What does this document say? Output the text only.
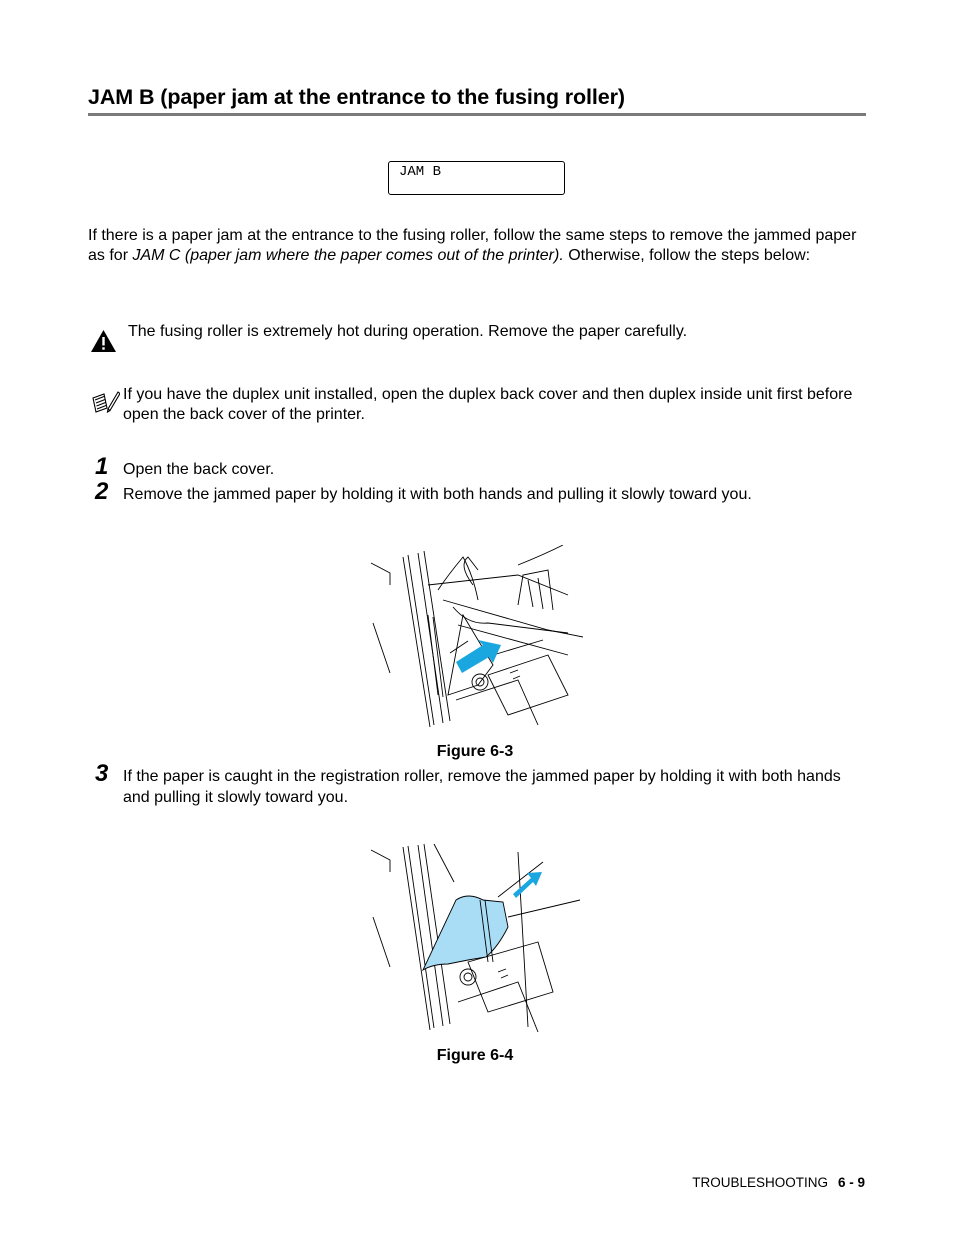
JAM B (paper jam at the entrance to the fusing roller)
JAM B

If there is a paper jam at the entrance to the fusing roller, follow the same steps to remove the jammed paper as for JAM C (paper jam where the paper comes out of the printer). Otherwise, follow the steps below:

The fusing roller is extremely hot during operation. Remove the paper carefully.

If you have the duplex unit installed, open the duplex back cover and then duplex inside unit first before open the back cover of the printer.

1 Open the back cover.

2 Remove the jammed paper by holding it with both hands and pulling it slowly toward you.

Figure 6-3

3 If the paper is caught in the registration roller, remove the jammed paper by holding it with both hands and pulling it slowly toward you.

Figure 6-4

TROUBLESHOOTING 6 - 9
